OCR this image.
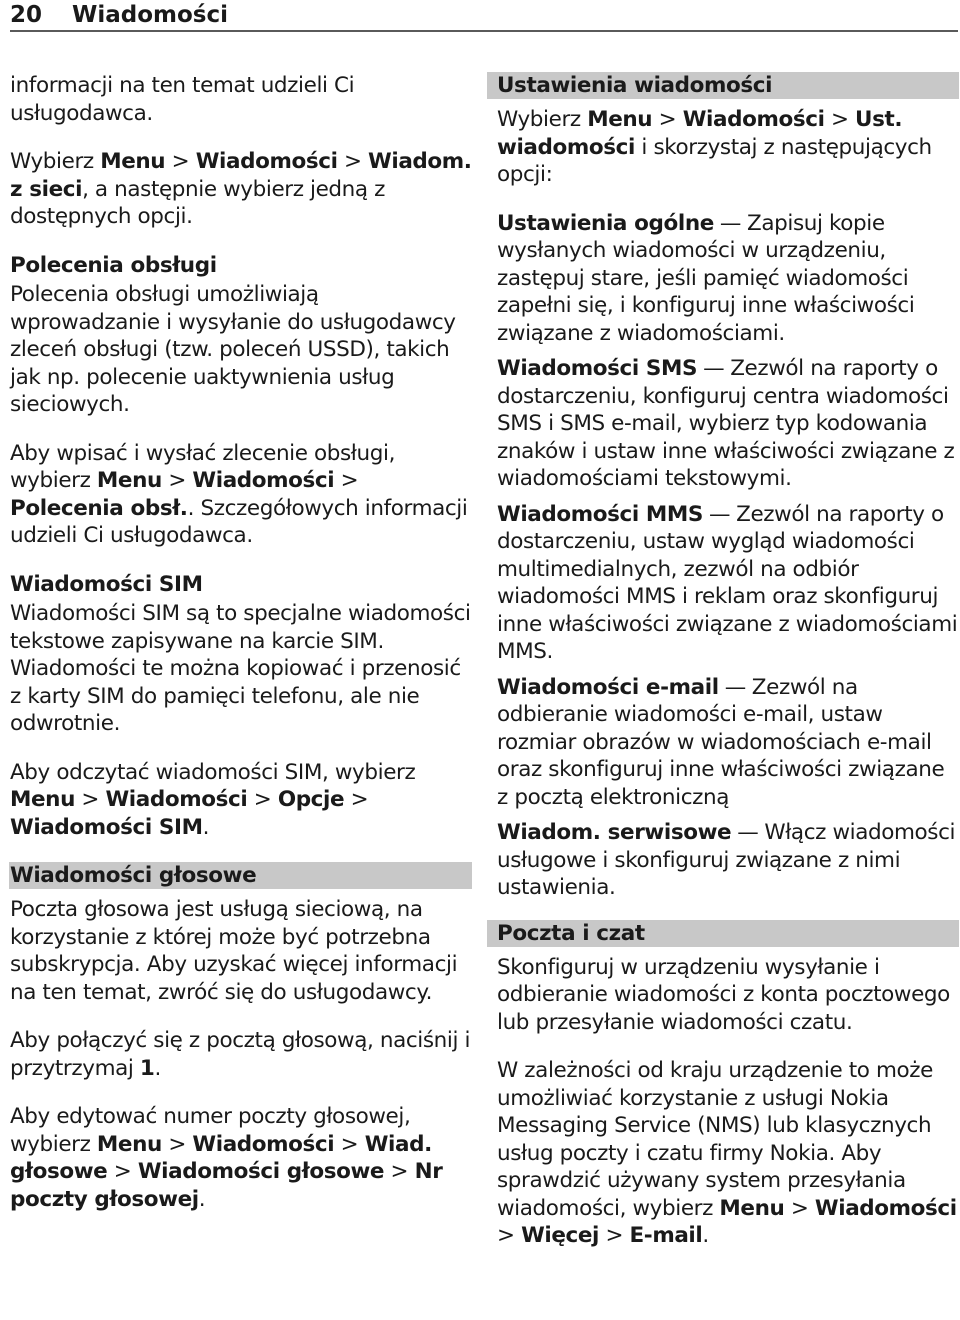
20 Wiadomości

informacji na ten temat udzieli Ci usługodawca.

Wybierz Menu > Wiadomości > Wiadom. z sieci, a następnie wybierz jedną z dostępnych opcji.

Polecenia obsługi

Polecenia obsługi umożliwiają wprowadzanie i wysyłanie do usługodawcy zleceń obsługi (tzw. poleceń USSD), takich jak np. polecenie uaktywnienia usług sieciowych.

Aby wpisać i wysłać zlecenie obsługi, wybierz Menu > Wiadomości > Polecenia obsł.. Szczegółowych informacji udzieli Ci usługodawca.

Wiadomości SIM

Wiadomości SIM są to specjalne wiadomości tekstowe zapisywane na karcie SIM. Wiadomości te można kopiować i przenosić z karty SIM do pamięci telefonu, ale nie odwrotnie.

Aby odczytać wiadomości SIM, wybierz Menu > Wiadomości > Opcje > Wiadomości SIM.

Wiadomości głosowe

Poczta głosowa jest usługą sieciową, na korzystanie z której może być potrzebna subskrypcja. Aby uzyskać więcej informacji na ten temat, zwróć się do usługodawcy.

Aby połączyć się z pocztą głosową, naciśnij i przytrzymaj 1.

Aby edytować numer poczty głosowej, wybierz Menu > Wiadomości > Wiad. głosowe > Wiadomości głosowe > Nr poczty głosowej.

Ustawienia wiadomości

Wybierz Menu > Wiadomości > Ust. wiadomości i skorzystaj z następujących opcji:

Ustawienia ogólne — Zapisuj kopie wysłanych wiadomości w urządzeniu, zastępuj stare, jeśli pamięć wiadomości zapełni się, i konfiguruj inne właściwości związane z wiadomościami.

Wiadomości SMS — Zezwól na raporty o dostarczeniu, konfiguruj centra wiadomości SMS i SMS e-mail, wybierz typ kodowania znaków i ustaw inne właściwości związane z wiadomościami tekstowymi.

Wiadomości MMS — Zezwól na raporty o dostarczeniu, ustaw wygląd wiadomości multimedialnych, zezwól na odbiór wiadomości MMS i reklam oraz skonfiguruj inne właściwości związane z wiadomościami MMS.

Wiadomości e-mail — Zezwól na odbieranie wiadomości e-mail, ustaw rozmiar obrazów w wiadomościach e-mail oraz skonfiguruj inne właściwości związane z pocztą elektroniczną

Wiadom. serwisowe — Włącz wiadomości usługowe i skonfiguruj związane z nimi ustawienia.

Poczta i czat

Skonfiguruj w urządzeniu wysyłanie i odbieranie wiadomości z konta pocztowego lub przesyłanie wiadomości czatu.

W zależności od kraju urządzenie to może umożliwiać korzystanie z usługi Nokia Messaging Service (NMS) lub klasycznych usług poczty i czatu firmy Nokia. Aby sprawdzić używany system przesyłania wiadomości, wybierz Menu > Wiadomości > Więcej > E-mail.
